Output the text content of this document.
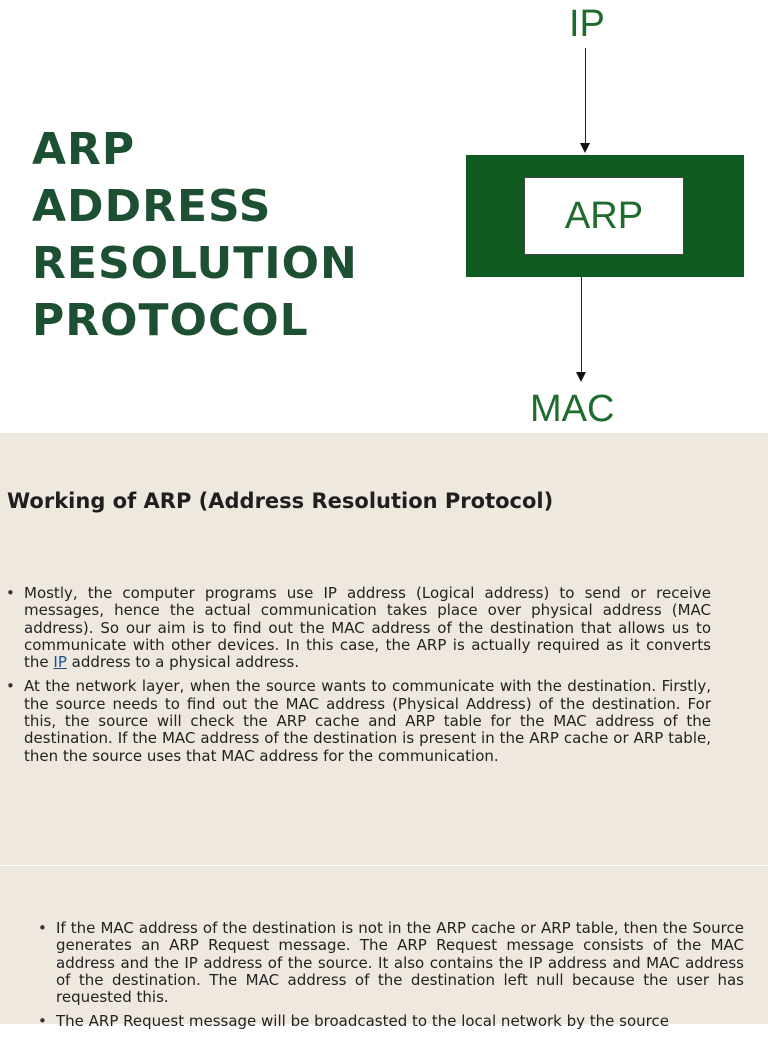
ARP
ADDRESS
RESOLUTION
PROTOCOL
IP
ARP
MAC
Working of ARP (Address Resolution Protocol)
• Mostly, the computer programs use IP address (Logical address) to send or receive messages, hence the actual communication takes place over physical address (MAC address). So our aim is to find out the MAC address of the destination that allows us to communicate with other devices. In this case, the ARP is actually required as it converts the IP address to a physical address.
• At the network layer, when the source wants to communicate with the destination. Firstly, the source needs to find out the MAC address (Physical Address) of the destination. For this, the source will check the ARP cache and ARP table for the MAC address of the destination. If the MAC address of the destination is present in the ARP cache or ARP table, then the source uses that MAC address for the communication.
• If the MAC address of the destination is not in the ARP cache or ARP table, then the Source generates an ARP Request message. The ARP Request message consists of the MAC address and the IP address of the source. It also contains the IP address and MAC address of the destination. The MAC address of the destination left null because the user has requested this.
• The ARP Request message will be broadcasted to the local network by the source
